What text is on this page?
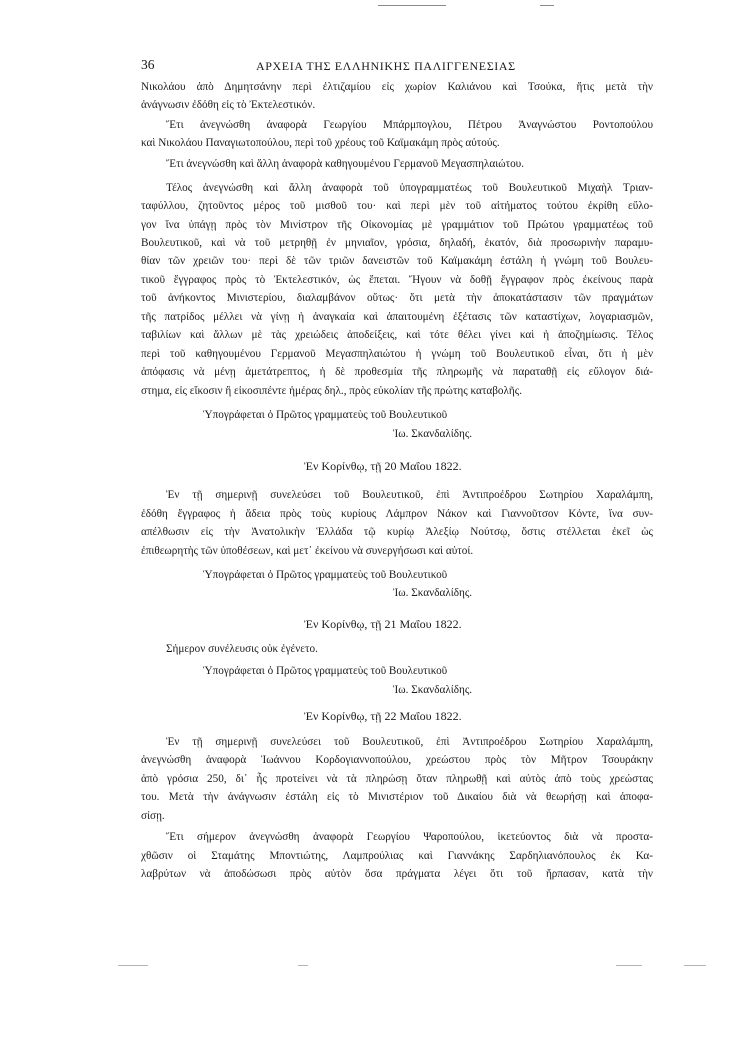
36	ΑΡΧΕΙΑ ΤΗΣ ΕΛΛΗΝΙΚΗΣ ΠΑΛΙΓΓΕΝΕΣΙΑΣ
Νικολάου ἀπὸ Δημητσάνην περὶ ἐλτιζαμίου εἰς χωρίον Καλιάνου καὶ Τσούκα, ἥτις μετὰ τὴν
ἀνάγνωσιν ἐδόθη εἰς τὸ Ἐκτελεστικόν.
Ἔτι ἀνεγνώσθη ἀναφορὰ Γεωργίου Μπάρμπογλου, Πέτρου Ἀναγνώστου Ροντοπούλου
καὶ Νικολάου Παναγιωτοπούλου, περὶ τοῦ χρέους τοῦ Καϊμακάμη πρὸς αὐτούς.
Ἔτι ἀνεγνώσθη καὶ ἄλλη ἀναφορὰ καθηγουμένου Γερμανοῦ Μεγασπηλαιώτου.
Τέλος ἀνεγνώσθη καὶ ἄλλη ἀναφορὰ τοῦ ὑπογραμματέως τοῦ Βουλευτικοῦ Μιχαὴλ Τριαν-
ταφύλλου, ζητοῦντος μέρος τοῦ μισθοῦ του· καὶ περὶ μὲν τοῦ αἰτήματος τούτου ἐκρίθη εὔλο-
γον ἵνα ὑπάγῃ πρὸς τὸν Μινίστρον τῆς Οἰκονομίας μὲ γραμμάτιον τοῦ Πρώτου γραμματέως τοῦ
Βουλευτικοῦ, καὶ νὰ τοῦ μετρηθῇ ἐν μηνιαῖον, γρόσια, δηλαδή, ἑκατόν, διὰ προσωρινὴν παραμυ-
θίαν τῶν χρειῶν του· περὶ δὲ τῶν τριῶν δανειστῶν τοῦ Καϊμακάμη ἐστάλη ἡ γνώμη τοῦ Βουλευ-
τικοῦ ἔγγραφος πρὸς τὸ Ἐκτελεστικόν, ὡς ἔπεται. Ἤγουν νὰ δοθῇ ἔγγραφον πρὸς ἐκείνους παρὰ
τοῦ ἀνήκοντος Μινιστερίου, διαλαμβάνον οὕτως· ὅτι μετὰ τὴν ἀποκατάστασιν τῶν πραγμάτων
τῆς πατρίδος μέλλει νὰ γίνῃ ἡ ἀναγκαία καὶ ἀπαιτουμένη ἐξέτασις τῶν καταστίχων, λογαριασμῶν,
ταβιλίων καὶ ἄλλων μὲ τὰς χρειώδεις ἀποδείξεις, καὶ τότε θέλει γίνει καὶ ἡ ἀποζημίωσις. Τέλος
περὶ τοῦ καθηγουμένου Γερμανοῦ Μεγασπηλαιώτου ἡ γνώμη τοῦ Βουλευτικοῦ εἶναι, ὅτι ἡ μὲν
ἀπόφασις νὰ μένῃ ἀμετάτρεπτος, ἡ δὲ προθεσμία τῆς πληρωμῆς νὰ παραταθῇ εἰς εὔλογον διά-
στημα, εἰς εἴκοσιν ἢ εἰκοσιπέντε ἡμέρας δηλ., πρὸς εὐκολίαν τῆς πρώτης καταβολῆς.
Ὑπογράφεται ὁ Πρῶτος γραμματεὺς τοῦ Βουλευτικοῦ
Ἰω. Σκανδαλίδης.
Ἐν Κορίνθῳ, τῇ 20 Μαΐου 1822.
Ἐν τῇ σημερινῇ συνελεύσει τοῦ Βουλευτικοῦ, ἐπὶ Ἀντιπροέδρου Σωτηρίου Χαραλάμπη,
ἐδόθη ἔγγραφος ἡ ἄδεια πρὸς τοὺς κυρίους Λάμπρον Νάκον καὶ Γιαννοῦτσον Κόντε, ἵνα συν-
απέλθωσιν εἰς τὴν Ἀνατολικὴν Ἑλλάδα τῷ κυρίῳ Ἀλεξίῳ Νούτσῳ, ὅστις στέλλεται ἐκεῖ ὡς
ἐπιθεωρητὴς τῶν ὑποθέσεων, καὶ μετ᾽ ἐκείνου νὰ συνεργήσωσι καὶ αὐτοί.
Ὑπογράφεται ὁ Πρῶτος γραμματεὺς τοῦ Βουλευτικοῦ
Ἰω. Σκανδαλίδης.
Ἐν Κορίνθῳ, τῇ 21 Μαΐου 1822.
Σήμερον συνέλευσις οὐκ ἐγένετο.
Ὑπογράφεται ὁ Πρῶτος γραμματεὺς τοῦ Βουλευτικοῦ
Ἰω. Σκανδαλίδης.
Ἐν Κορίνθῳ, τῇ 22 Μαΐου 1822.
Ἐν τῇ σημερινῇ συνελεύσει τοῦ Βουλευτικοῦ, ἐπὶ Ἀντιπροέδρου Σωτηρίου Χαραλάμπη,
ἀνεγνώσθη ἀναφορὰ Ἰωάννου Κορδογιαννοπούλου, χρεώστου πρὸς τὸν Μῆτρον Τσουράκην
ἀπὸ γρόσια 250, δι᾽ ἧς προτείνει νὰ τὰ πληρώσῃ ὅταν πληρωθῇ καὶ αὐτὸς ἀπὸ τοὺς χρεώστας
του. Μετὰ τὴν ἀνάγνωσιν ἐστάλη εἰς τὸ Μινιστέριον τοῦ Δικαίου διὰ νὰ θεωρήσῃ καὶ ἀποφα-
σίσῃ.
Ἔτι σήμερον ἀνεγνώσθη ἀναφορὰ Γεωργίου Ψαροπούλου, ἱκετεύοντος διὰ νὰ προστα-
χθῶσιν οἱ Σταμάτης Μποντιώτης, Λαμπρούλιας καὶ Γιαννάκης Σαρδηλιανόπουλος ἐκ Κα-
λαβρύτων νὰ ἀποδώσωσι πρὸς αὐτὸν ὅσα πράγματα λέγει ὅτι τοῦ ἥρπασαν, κατὰ τὴν
